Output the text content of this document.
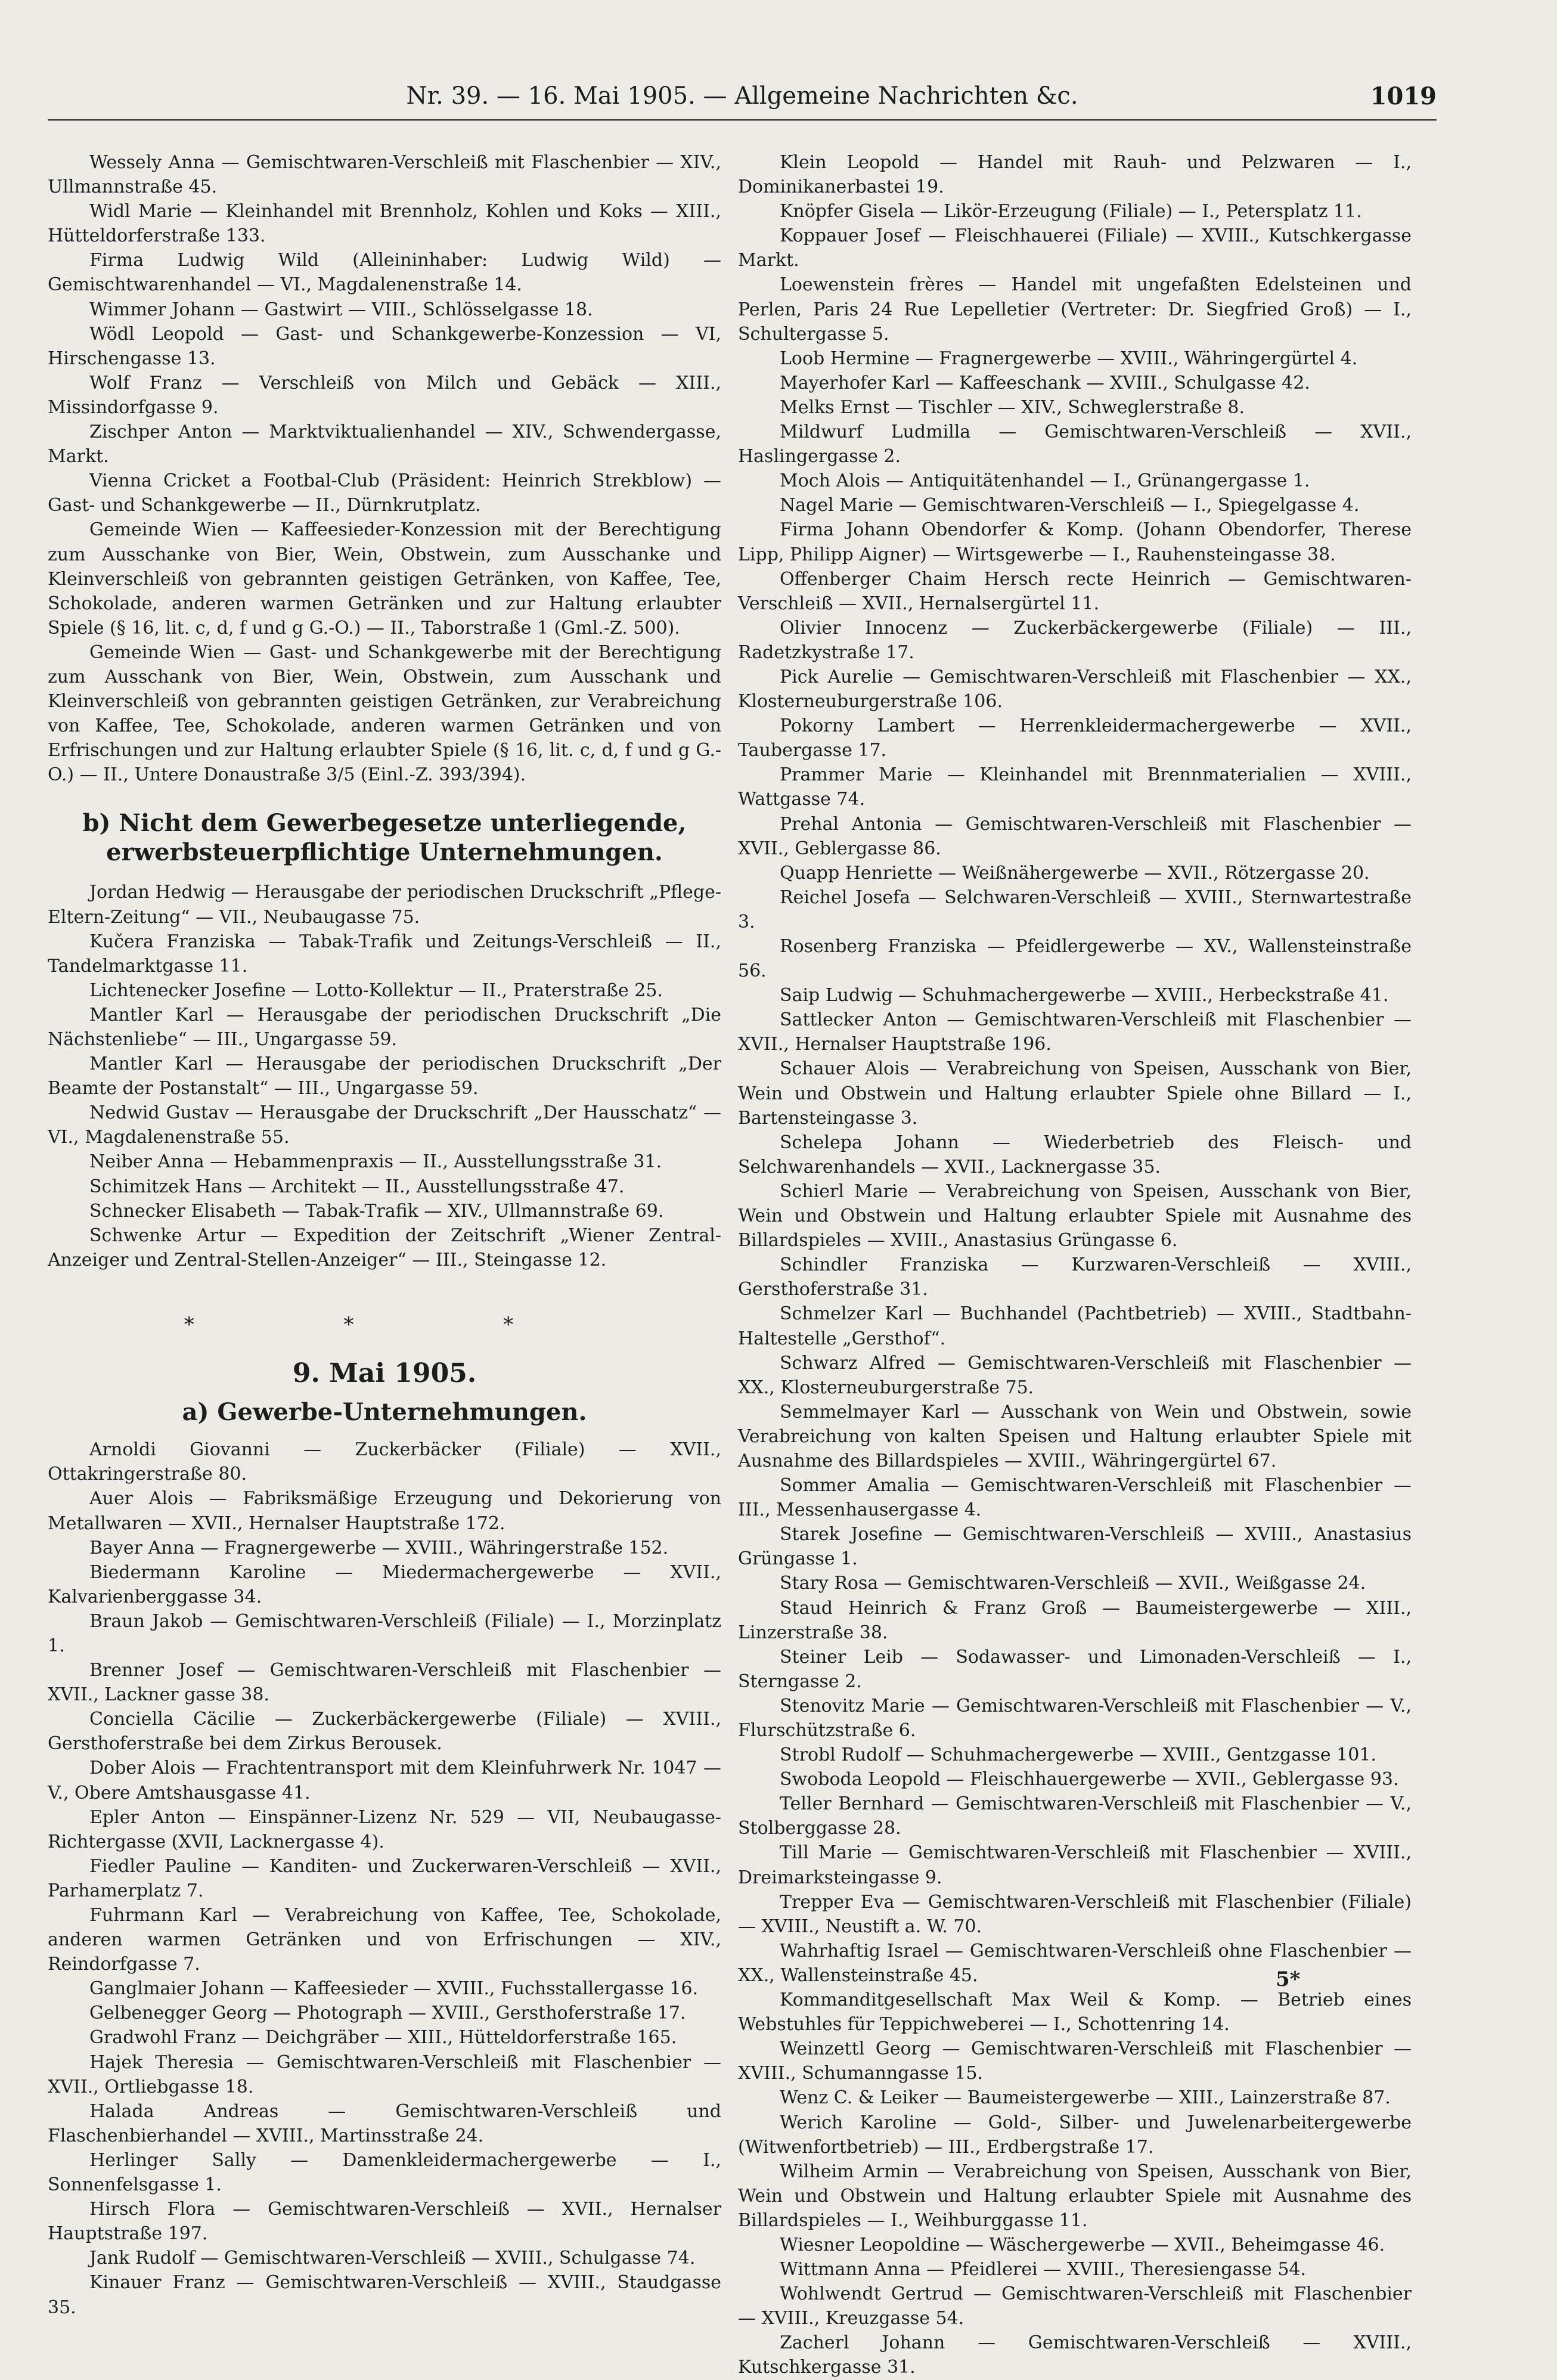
Nr. 39. — 16. Mai 1905. — Allgemeine Nachrichten &c.	1019

Wessely Anna — Gemischtwaren-Verschleiß mit Flaschenbier — XIV., Ullmannstraße 45.

Widl Marie — Kleinhandel mit Brennholz, Kohlen und Koks — XIII., Hütteldorferstraße 133.

Firma Ludwig Wild (Alleininhaber: Ludwig Wild) — Gemischtwarenhandel — VI., Magdalenenstraße 14.

Wimmer Johann — Gastwirt — VIII., Schlösselgasse 18.

Wödl Leopold — Gast- und Schankgewerbe-Konzession — VI, Hirschengasse 13.

Wolf Franz — Verschleiß von Milch und Gebäck — XIII., Missindorfgasse 9.

Zischper Anton — Marktviktualienhandel — XIV., Schwendergasse, Markt.

Vienna Cricket a Footbal-Club (Präsident: Heinrich Strekblow) — Gast- und Schankgewerbe — II., Dürnkrutplatz.

Gemeinde Wien — Kaffeesieder-Konzession mit der Berechtigung zum Ausschanke von Bier, Wein, Obstwein, zum Ausschanke und Kleinverschleiß von gebrannten geistigen Getränken, von Kaffee, Tee, Schokolade, anderen warmen Getränken und zur Haltung erlaubter Spiele (§ 16, lit. c, d, f und g G.-O.) — II., Taborstraße 1 (Gml.-Z. 500).

Gemeinde Wien — Gast- und Schankgewerbe mit der Berechtigung zum Ausschank von Bier, Wein, Obstwein, zum Ausschank und Kleinverschleiß von gebrannten geistigen Getränken, zur Verabreichung von Kaffee, Tee, Schokolade, anderen warmen Getränken und von Erfrischungen und zur Haltung erlaubter Spiele (§ 16, lit. c, d, f und g G.-O.) — II., Untere Donaustraße 3/5 (Einl.-Z. 393/394).

b) Nicht dem Gewerbegesetze unterliegende, erwerbsteuerpflichtige Unternehmungen.

Jordan Hedwig — Herausgabe der periodischen Druckschrift „Pflege-Eltern-Zeitung“ — VII., Neubaugasse 75.

Kučera Franziska — Tabak-Trafik und Zeitungs-Verschleiß — II., Tandelmarktgasse 11.

Lichtenecker Josefine — Lotto-Kollektur — II., Praterstraße 25.

Mantler Karl — Herausgabe der periodischen Druckschrift „Die Nächstenliebe“ — III., Ungargasse 59.

Mantler Karl — Herausgabe der periodischen Druckschrift „Der Beamte der Postanstalt“ — III., Ungargasse 59.

Nedwid Gustav — Herausgabe der Druckschrift „Der Hausschatz“ — VI., Magdalenenstraße 55.

Neiber Anna — Hebammenpraxis — II., Ausstellungsstraße 31.

Schimitzek Hans — Architekt — II., Ausstellungsstraße 47.

Schnecker Elisabeth — Tabak-Trafik — XIV., Ullmannstraße 69.

Schwenke Artur — Expedition der Zeitschrift „Wiener Zentral-Anzeiger und Zentral-Stellen-Anzeiger“ — III., Steingasse 12.

* * *
9. Mai 1905.
a) Gewerbe-Unternehmungen.

Arnoldi Giovanni — Zuckerbäcker (Filiale) — XVII., Ottakringerstraße 80.

Auer Alois — Fabriksmäßige Erzeugung und Dekorierung von Metallwaren — XVII., Hernalser Hauptstraße 172.

Bayer Anna — Fragnergewerbe — XVIII., Währingerstraße 152.

Biedermann Karoline — Miedermachergewerbe — XVII., Kalvarienberggasse 34.

Braun Jakob — Gemischtwaren-Verschleiß (Filiale) — I., Morzinplatz 1.

Brenner Josef — Gemischtwaren-Verschleiß mit Flaschenbier — XVII., Lackner gasse 38.

Conciella Cäcilie — Zuckerbäckergewerbe (Filiale) — XVIII., Gersthoferstraße bei dem Zirkus Berousek.

Dober Alois — Frachtentransport mit dem Kleinfuhrwerk Nr. 1047 — V., Obere Amtshausgasse 41.

Epler Anton — Einspänner-Lizenz Nr. 529 — VII, Neubaugasse-Richtergasse (XVII, Lacknergasse 4).

Fiedler Pauline — Kanditen- und Zuckerwaren-Verschleiß — XVII., Parhamerplatz 7.

Fuhrmann Karl — Verabreichung von Kaffee, Tee, Schokolade, anderen warmen Getränken und von Erfrischungen — XIV., Reindorfgasse 7.

Ganglmaier Johann — Kaffeesieder — XVIII., Fuchsstallergasse 16.

Gelbenegger Georg — Photograph — XVIII., Gersthoferstraße 17.

Gradwohl Franz — Deichgräber — XIII., Hütteldorferstraße 165.

Hajek Theresia — Gemischtwaren-Verschleiß mit Flaschenbier — XVII., Ortliebgasse 18.

Halada Andreas — Gemischtwaren-Verschleiß und Flaschenbierhandel — XVIII., Martinsstraße 24.

Herlinger Sally — Damenkleidermachergewerbe — I., Sonnenfelsgasse 1.

Hirsch Flora — Gemischtwaren-Verschleiß — XVII., Hernalser Hauptstraße 197.

Jank Rudolf — Gemischtwaren-Verschleiß — XVIII., Schulgasse 74.

Kinauer Franz — Gemischtwaren-Verschleiß — XVIII., Staudgasse 35.

Klein Leopold — Handel mit Rauh- und Pelzwaren — I., Dominikanerbastei 19.

Knöpfer Gisela — Likör-Erzeugung (Filiale) — I., Petersplatz 11.

Koppauer Josef — Fleischhauerei (Filiale) — XVIII., Kutschkergasse Markt.

Loewenstein frères — Handel mit ungefaßten Edelsteinen und Perlen, Paris 24 Rue Lepelletier (Vertreter: Dr. Siegfried Groß) — I., Schultergasse 5.

Loob Hermine — Fragnergewerbe — XVIII., Währingergürtel 4.

Mayerhofer Karl — Kaffeeschank — XVIII., Schulgasse 42.

Melks Ernst — Tischler — XIV., Schweglerstraße 8.

Mildwurf Ludmilla — Gemischtwaren-Verschleiß — XVII., Haslingergasse 2.

Moch Alois — Antiquitätenhandel — I., Grünangergasse 1.

Nagel Marie — Gemischtwaren-Verschleiß — I., Spiegelgasse 4.

Firma Johann Obendorfer & Komp. (Johann Obendorfer, Therese Lipp, Philipp Aigner) — Wirtsgewerbe — I., Rauhensteingasse 38.

Offenberger Chaim Hersch recte Heinrich — Gemischtwaren-Verschleiß — XVII., Hernalsergürtel 11.

Olivier Innocenz — Zuckerbäckergewerbe (Filiale) — III., Radetzkystraße 17.

Pick Aurelie — Gemischtwaren-Verschleiß mit Flaschenbier — XX., Klosterneuburgerstraße 106.

Pokorny Lambert — Herrenkleidermachergewerbe — XVII., Taubergasse 17.

Prammer Marie — Kleinhandel mit Brennmaterialien — XVIII., Wattgasse 74.

Prehal Antonia — Gemischtwaren-Verschleiß mit Flaschenbier — XVII., Geblergasse 86.

Quapp Henriette — Weißnähergewerbe — XVII., Rötzergasse 20.

Reichel Josefa — Selchwaren-Verschleiß — XVIII., Sternwartestraße 3.

Rosenberg Franziska — Pfeidlergewerbe — XV., Wallensteinstraße 56.

Saip Ludwig — Schuhmachergewerbe — XVIII., Herbeckstraße 41.

Sattlecker Anton — Gemischtwaren-Verschleiß mit Flaschenbier — XVII., Hernalser Hauptstraße 196.

Schauer Alois — Verabreichung von Speisen, Ausschank von Bier, Wein und Obstwein und Haltung erlaubter Spiele ohne Billard — I., Bartensteingasse 3.

Schelepa Johann — Wiederbetrieb des Fleisch- und Selchwarenhandels — XVII., Lacknergasse 35.

Schierl Marie — Verabreichung von Speisen, Ausschank von Bier, Wein und Obstwein und Haltung erlaubter Spiele mit Ausnahme des Billardspieles — XVIII., Anastasius Grüngasse 6.

Schindler Franziska — Kurzwaren-Verschleiß — XVIII., Gersthoferstraße 31.

Schmelzer Karl — Buchhandel (Pachtbetrieb) — XVIII., Stadtbahn-Haltestelle „Gersthof“.

Schwarz Alfred — Gemischtwaren-Verschleiß mit Flaschenbier — XX., Klosterneuburgerstraße 75.

Semmelmayer Karl — Ausschank von Wein und Obstwein, sowie Verabreichung von kalten Speisen und Haltung erlaubter Spiele mit Ausnahme des Billardspieles — XVIII., Währingergürtel 67.

Sommer Amalia — Gemischtwaren-Verschleiß mit Flaschenbier — III., Messenhausergasse 4.

Starek Josefine — Gemischtwaren-Verschleiß — XVIII., Anastasius Grüngasse 1.

Stary Rosa — Gemischtwaren-Verschleiß — XVII., Weißgasse 24.

Staud Heinrich & Franz Groß — Baumeistergewerbe — XIII., Linzerstraße 38.

Steiner Leib — Sodawasser- und Limonaden-Verschleiß — I., Sterngasse 2.

Stenovitz Marie — Gemischtwaren-Verschleiß mit Flaschenbier — V., Flurschützstraße 6.

Strobl Rudolf — Schuhmachergewerbe — XVIII., Gentzgasse 101.

Swoboda Leopold — Fleischhauergewerbe — XVII., Geblergasse 93.

Teller Bernhard — Gemischtwaren-Verschleiß mit Flaschenbier — V., Stolberggasse 28.

Till Marie — Gemischtwaren-Verschleiß mit Flaschenbier — XVIII., Dreimarksteingasse 9.

Trepper Eva — Gemischtwaren-Verschleiß mit Flaschenbier (Filiale) — XVIII., Neustift a. W. 70.

Wahrhaftig Israel — Gemischtwaren-Verschleiß ohne Flaschenbier — XX., Wallensteinstraße 45.

Kommanditgesellschaft Max Weil & Komp. — Betrieb eines Webstuhles für Teppichweberei — I., Schottenring 14.

Weinzettl Georg — Gemischtwaren-Verschleiß mit Flaschenbier — XVIII., Schumanngasse 15.

Wenz C. & Leiker — Baumeistergewerbe — XIII., Lainzerstraße 87.

Werich Karoline — Gold-, Silber- und Juwelenarbeitergewerbe (Witwenfortbetrieb) — III., Erdbergstraße 17.

Wilheim Armin — Verabreichung von Speisen, Ausschank von Bier, Wein und Obstwein und Haltung erlaubter Spiele mit Ausnahme des Billardspieles — I., Weihburggasse 11.

Wiesner Leopoldine — Wäschergewerbe — XVII., Beheimgasse 46.

Wittmann Anna — Pfeidlerei — XVIII., Theresiengasse 54.

Wohlwendt Gertrud — Gemischtwaren-Verschleiß mit Flaschenbier — XVIII., Kreuzgasse 54.

Zacherl Johann — Gemischtwaren-Verschleiß — XVIII., Kutschkergasse 31.

5*
